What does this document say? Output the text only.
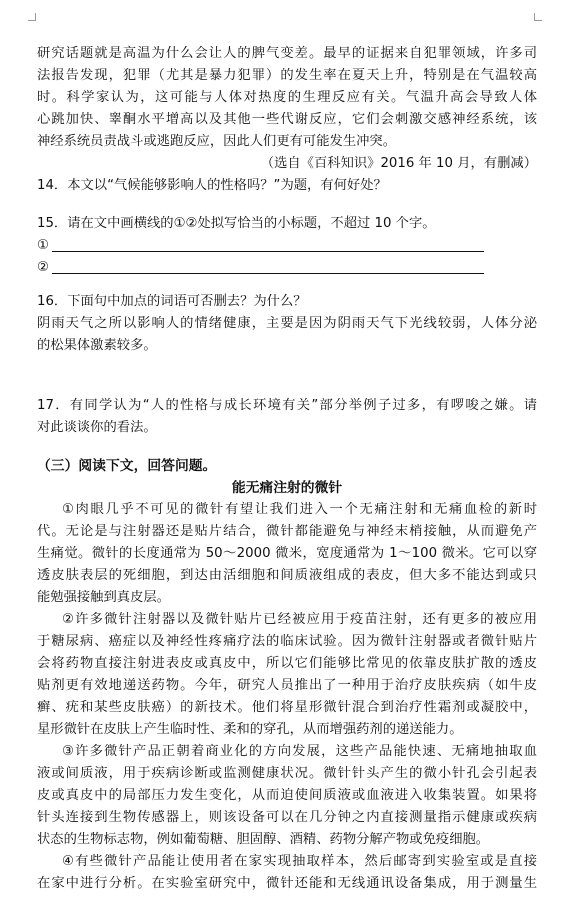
研究话题就是高温为什么会让人的脾气变差。最早的证据来自犯罪领域，许多司
法报告发现，犯罪（尤其是暴力犯罪）的发生率在夏天上升，特别是在气温较高
时。科学家认为，这可能与人体对热度的生理反应有关。气温升高会导致人体
心跳加快、睾酮水平增高以及其他一些代谢反应，它们会刺激交感神经系统，该
神经系统员责战斗或逃跑反应，因此人们更有可能发生冲突。
（选自《百科知识》2016 年 10 月，有删减）
14．本文以“气候能够影响人的性格吗？”为题，有何好处？
15．请在文中画横线的①②处拟写恰当的小标题，不超过 10 个字。
①
②
16．下面句中加点的词语可否删去？为什么？
阴雨天气之所以影响人的情绪健康，主要是因为阴雨天气下光线较弱，人体分泌
的松果体激素较多。
17．有同学认为“人的性格与成长环境有关”部分举例子过多，有啰唆之嫌。请
对此谈谈你的看法。
（三）阅读下文，回答问题。
能无痛注射的微针
①肉眼几乎不可见的微针有望让我们进入一个无痛注射和无痛血检的新时
代。无论是与注射器还是贴片结合，微针都能避免与神经末梢接触，从而避免产
生痛觉。微针的长度通常为 50～2000 微米，宽度通常为 1～100 微米。它可以穿
透皮肤表层的死细胞，到达由活细胞和间质液组成的表皮，但大多不能达到或只
能勉强接触到真皮层。
②许多微针注射器以及微针贴片已经被应用于疫苗注射，还有更多的被应用
于糖尿病、癌症以及神经性疼痛疗法的临床试验。因为微针注射器或者微针贴片
会将药物直接注射进表皮或真皮中，所以它们能够比常见的依靠皮肤扩散的透皮
贴剂更有效地递送药物。今年，研究人员推出了一种用于治疗皮肤疾病（如牛皮
癣、疣和某些皮肤癌）的新技术。他们将星形微针混合到治疗性霜剂或凝胶中，
星形微针在皮肤上产生临时性、柔和的穿孔，从而增强药剂的递送能力。
③许多微针产品正朝着商业化的方向发展，这些产品能快速、无痛地抽取血
液或间质液，用于疾病诊断或监测健康状况。微针针头产生的微小针孔会引起表
皮或真皮中的局部压力发生变化，从而迫使间质液或血液进入收集装置。如果将
针头连接到生物传感器上，则该设备可以在几分钟之内直接测量指示健康或疾病
状态的生物标志物，例如葡萄糖、胆固醇、酒精、药物分解产物或免疫细胞。
④有些微针产品能让使用者在家实现抽取样本，然后邮寄到实验室或是直接
在家中进行分析。在实验室研究中，微针还能和无线通讯设备集成，用于测量生
